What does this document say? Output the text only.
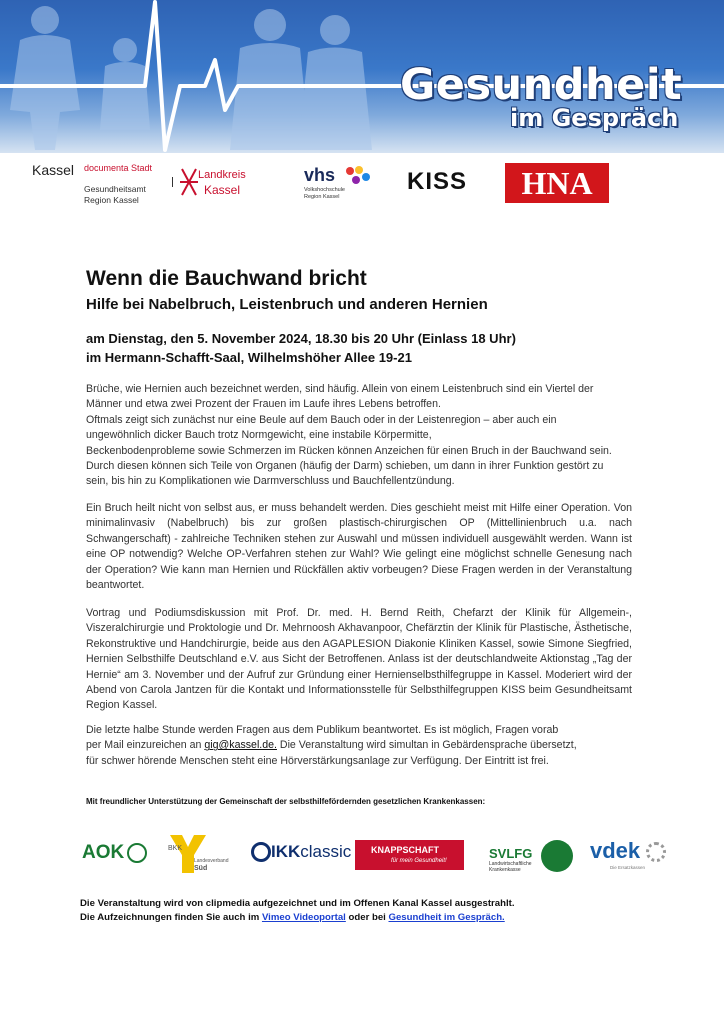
Gesundheit
im Gespräch
Kassel documenta Stadt
Gesundheitsamt
Region Kassel
Landkreis
Kassel
vhs
Volkshochschule
Region Kassel
KISS	HNA
Wenn die Bauchwand bricht
Hilfe bei Nabelbruch, Leistenbruch und anderen Hernien
am Dienstag, den 5. November 2024, 18.30 bis 20 Uhr (Einlass 18 Uhr)
im Hermann-Schafft-Saal, Wilhelmshöher Allee 19-21

Brüche, wie Hernien auch bezeichnet werden, sind häufig. Allein von einem Leistenbruch sind ein Viertel der

Männer und etwa zwei Prozent der Frauen im Laufe ihres Lebens betroffen.

Oftmals zeigt sich zunächst nur eine Beule auf dem Bauch oder in der Leistenregion – aber auch ein

ungewöhnlich dicker Bauch trotz Normgewicht, eine instabile Körpermitte,

Beckenbodenprobleme sowie Schmerzen im Rücken können Anzeichen für einen Bruch in der Bauchwand sein.

Durch diesen können sich Teile von Organen (häufig der Darm) schieben, um dann in ihrer Funktion gestört zu

sein, bis hin zu Komplikationen wie Darmverschluss und Bauchfellentzündung.

Ein Bruch heilt nicht von selbst aus, er muss behandelt werden. Dies geschieht meist mit Hilfe einer Operation. Von minimalinvasiv (Nabelbruch) bis zur großen plastisch-chirurgischen OP (Mittellinienbruch u.a. nach Schwangerschaft) - zahlreiche Techniken stehen zur Auswahl und müssen individuell ausgewählt werden. Wann ist eine OP notwendig? Welche OP-Verfahren stehen zur Wahl? Wie gelingt eine möglichst schnelle Genesung nach der Operation? Wie kann man Hernien und Rückfällen aktiv vorbeugen? Diese Fragen werden in der Veranstaltung beantwortet.
Vortrag und Podiumsdiskussion mit Prof. Dr. med. H. Bernd Reith, Chefarzt der Klinik für Allgemein-, Viszeralchirurgie und Proktologie und Dr. Mehrnoosh Akhavanpoor, Chefärztin der Klinik für Plastische, Ästhetische, Rekonstruktive und Handchirurgie, beide aus den AGAPLESION Diakonie Kliniken Kassel, sowie Simone Siegfried, Hernien Selbsthilfe Deutschland e.V. aus Sicht der Betroffenen. Anlass ist der deutschlandweite Aktionstag „Tag der Hernie“ am 3. November und der Aufruf zur Gründung einer Hernienselbsthilfegruppe in Kassel. Moderiert wird der Abend von Carola Jantzen für die Kontakt und Informationsstelle für Selbsthilfegruppen KISS beim Gesundheitsamt Region Kassel.

Die letzte halbe Stunde werden Fragen aus dem Publikum beantwortet. Es ist möglich, Fragen vorab

per Mail einzureichen an gig@kassel.de. Die Veranstaltung wird simultan in Gebärdensprache übersetzt,

für schwer hörende Menschen steht eine Hörverstärkungsanlage zur Verfügung. Der Eintritt ist frei.

Mit freundlicher Unterstützung der Gemeinschaft der selbsthilfefördernden gesetzlichen Krankenkassen:
AOK	BKK
Landesverband
Süd
IKKclassic KNAPPSCHAFT
für mein Gesundheit!	SVLFG
Landwirtschaftliche
Krankenkasse
vdek
Die Ersatzkassen
Die Veranstaltung wird von clipmedia aufgezeichnet und im Offenen Kanal Kassel ausgestrahlt.
Die Aufzeichnungen finden Sie auch im Vimeo Videoportal oder bei Gesundheit im Gespräch.
